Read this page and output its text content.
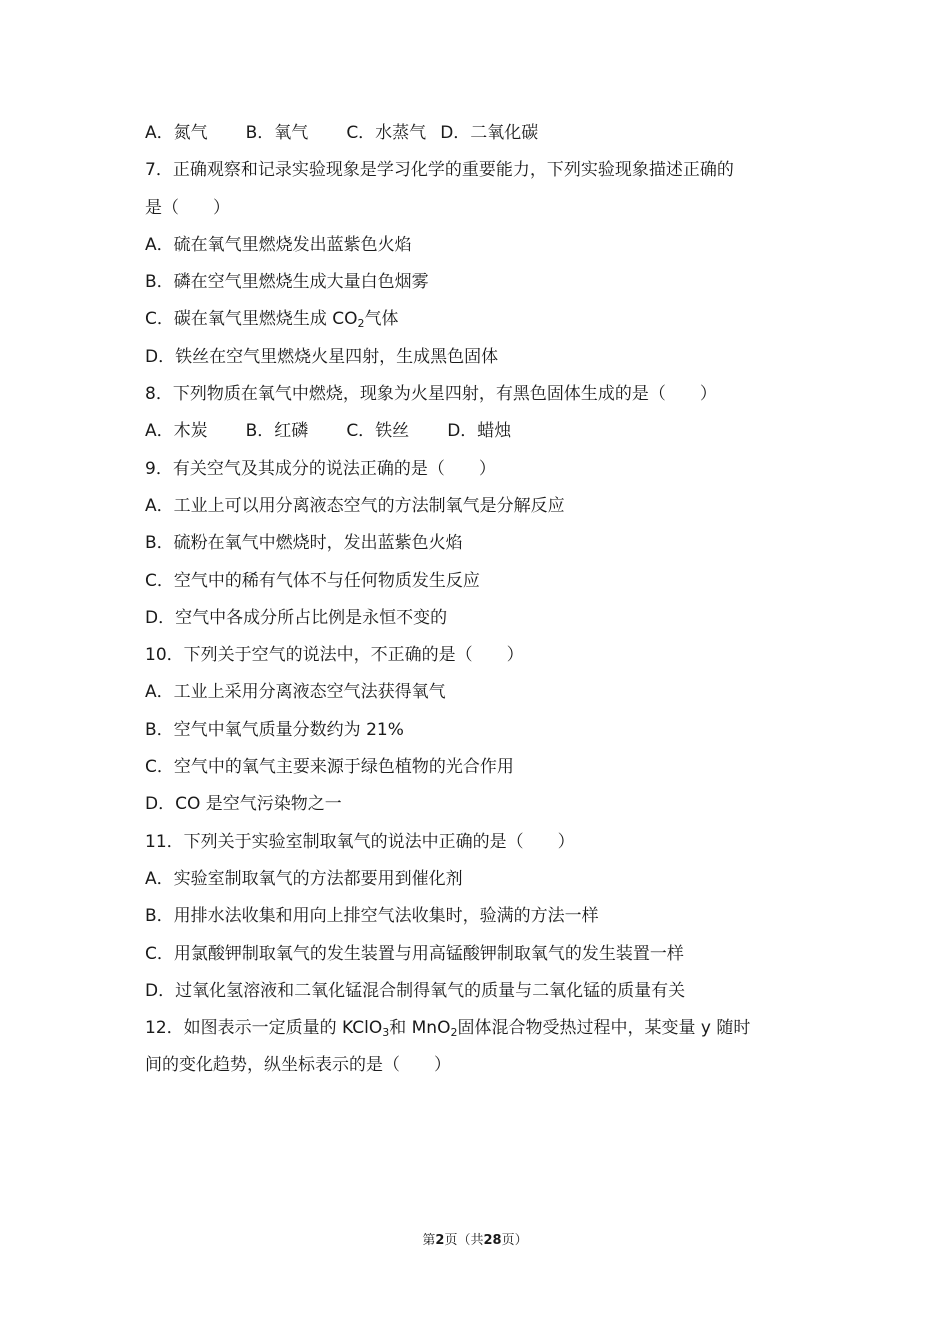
A．氮气 B．氧气 C．水蒸气 D．二氧化碳
7．正确观察和记录实验现象是学习化学的重要能力，下列实验现象描述正确的
是（　　）
A．硫在氧气里燃烧发出蓝紫色火焰
B．磷在空气里燃烧生成大量白色烟雾
C．碳在氧气里燃烧生成 $CO_2$气体
D．铁丝在空气里燃烧火星四射，生成黑色固体
8．下列物质在氧气中燃烧，现象为火星四射，有黑色固体生成的是（　　）
A．木炭 B．红磷 C．铁丝 D．蜡烛
9．有关空气及其成分的说法正确的是（　　）
A．工业上可以用分离液态空气的方法制氧气是分解反应
B．硫粉在氧气中燃烧时，发出蓝紫色火焰
C．空气中的稀有气体不与任何物质发生反应
D．空气中各成分所占比例是永恒不变的
10．下列关于空气的说法中，不正确的是（　　）
A．工业上采用分离液态空气法获得氧气
B．空气中氧气质量分数约为 21%
C．空气中的氧气主要来源于绿色植物的光合作用
D．CO 是空气污染物之一
11．下列关于实验室制取氧气的说法中正确的是（　　）
A．实验室制取氧气的方法都要用到催化剂
B．用排水法收集和用向上排空气法收集时，验满的方法一样
C．用氯酸钾制取氧气的发生装置与用高锰酸钾制取氧气的发生装置一样
D．过氧化氢溶液和二氧化锰混合制得氧气的质量与二氧化锰的质量有关
12．如图表示一定质量的 KClO$_3$和 MnO$_2$固体混合物受热过程中，某变量 y 随时
间的变化趋势，纵坐标表示的是（　　）
第2页（共28页）
